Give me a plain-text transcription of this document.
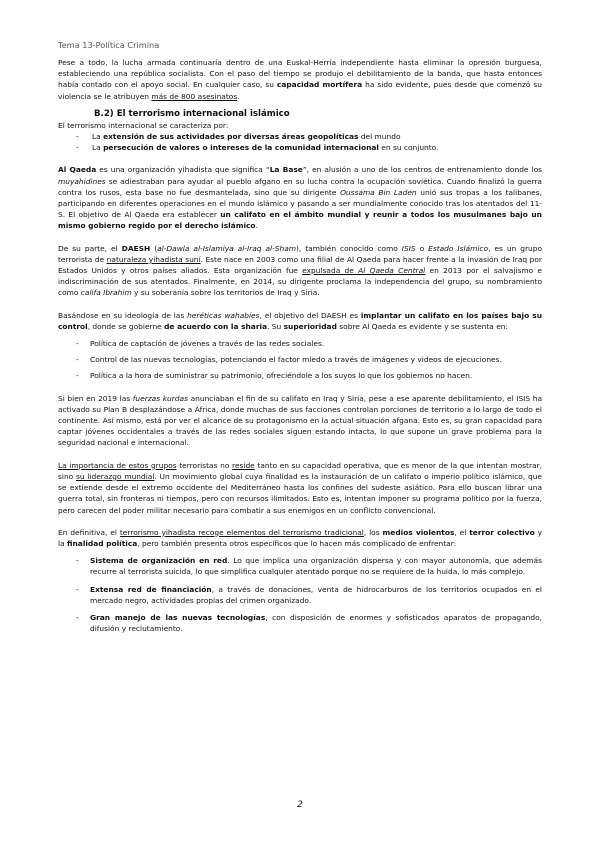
Tema 13-Política Crimina

Pese a todo, la lucha armada continuaría dentro de una Euskal-Herría independiente hasta eliminar la opresión burguesa, estableciendo una república socialista. Con el paso del tiempo se produjo el debilitamiento de la banda, que hasta entonces había contado con el apoyo social. En cualquier caso, su capacidad mortífera ha sido evidente, pues desde que comenzó su violencia se le atribuyen más de 800 asesinatos.

B.2) El terrorismo internacional islámico

El terrorismo internacional se caracteriza por:

- La extensión de sus actividades por diversas áreas geopolíticas del mundo
- La persecución de valores o intereses de la comunidad internacional en su conjunto.

Al Qaeda es una organización yihadista que significa “La Base”, en alusión a uno de los centros de entrenamiento donde los muyahidines se adiestraban para ayudar al pueblo afgano en su lucha contra la ocupación soviética. Cuando finalizó la guerra contra los rusos, esta base no fue desmantelada, sino que su dirigente Oussama Bin Laden unió sus tropas a los talibanes, participando en diferentes operaciones en el mundo islámico y pasando a ser mundialmente conocido tras los atentados del 11-S. El objetivo de Al Qaeda era establecer un califato en el ámbito mundial y reunir a todos los musulmanes bajo un mismo gobierno regido por el derecho islámico.

De su parte, el DAESH (al-Dawla al-Islamiya al-Iraq al-Sham), también conocido como ISIS o Estado Islámico, es un grupo terrorista de naturaleza yihadista suní. Este nace en 2003 como una filial de Al Qaeda para hacer frente a la invasión de Iraq por Estados Unidos y otros países aliados. Esta organización fue expulsada de Al Qaeda Central en 2013 por el salvajismo e indiscriminación de sus atentados. Finalmente, en 2014, su dirigente proclama la independencia del grupo, su nombramiento como califa Ibrahim y su soberanía sobre los territorios de Iraq y Siria.

Basándose en su ideología de las heréticas wahabíes, el objetivo del DAESH es implantar un califato en los países bajo su control, donde se gobierne de acuerdo con la sharia. Su superioridad sobre Al Qaeda es evidente y se sustenta en:

- Política de captación de jóvenes a través de las redes sociales.
- Control de las nuevas tecnologías, potenciando el factor miedo a través de imágenes y videos de ejecuciones.
- Política a la hora de suministrar su patrimonio, ofreciéndole a los suyos lo que los gobiernos no hacen.

Si bien en 2019 las fuerzas kurdas anunciaban el fin de su califato en Iraq y Siria, pese a ese aparente debilitamiento, el ISIS ha activado su Plan B desplazándose a África, donde muchas de sus facciones controlan porciones de territorio a lo largo de todo el continente. Así mismo, está por ver el alcance de su protagonismo en la actual situación afgana. Esto es, su gran capacidad para captar jóvenes occidentales a través de las redes sociales siguen estando intacta, lo que supone un grave problema para la seguridad nacional e internacional.

La importancia de estos grupos terroristas no reside tanto en su capacidad operativa, que es menor de la que intentan mostrar, sino su liderazgo mundial. Un movimiento global cuya finalidad es la instauración de un califato o imperio político islámico, que se extiende desde el extremo occidente del Mediterráneo hasta los confines del sudeste asiático. Para ello buscan librar una guerra total, sin fronteras ni tiempos, pero con recursos ilimitados. Esto es, intentan imponer su programa político por la fuerza, pero carecen del poder militar necesario para combatir a sus enemigos en un conflicto convencional.

En definitiva, el terrorismo yihadista recoge elementos del terrorismo tradicional, los medios violentos, el terror colectivo y la finalidad política, pero también presenta otros específicos que lo hacen más complicado de enfrentar:

- Sistema de organización en red. Lo que implica una organización dispersa y con mayor autonomía, que además recurre al terrorista suicida, lo que simplifica cualquier atentado porque no se requiere de la huida, lo más complejo.
- Extensa red de financiación, a través de donaciones, venta de hidrocarburos de los territorios ocupados en el mercado negro, actividades propias del crimen organizado.
- Gran manejo de las nuevas tecnologías, con disposición de enormes y sofisticados aparatos de propagando, difusión y reclutamiento.
2
